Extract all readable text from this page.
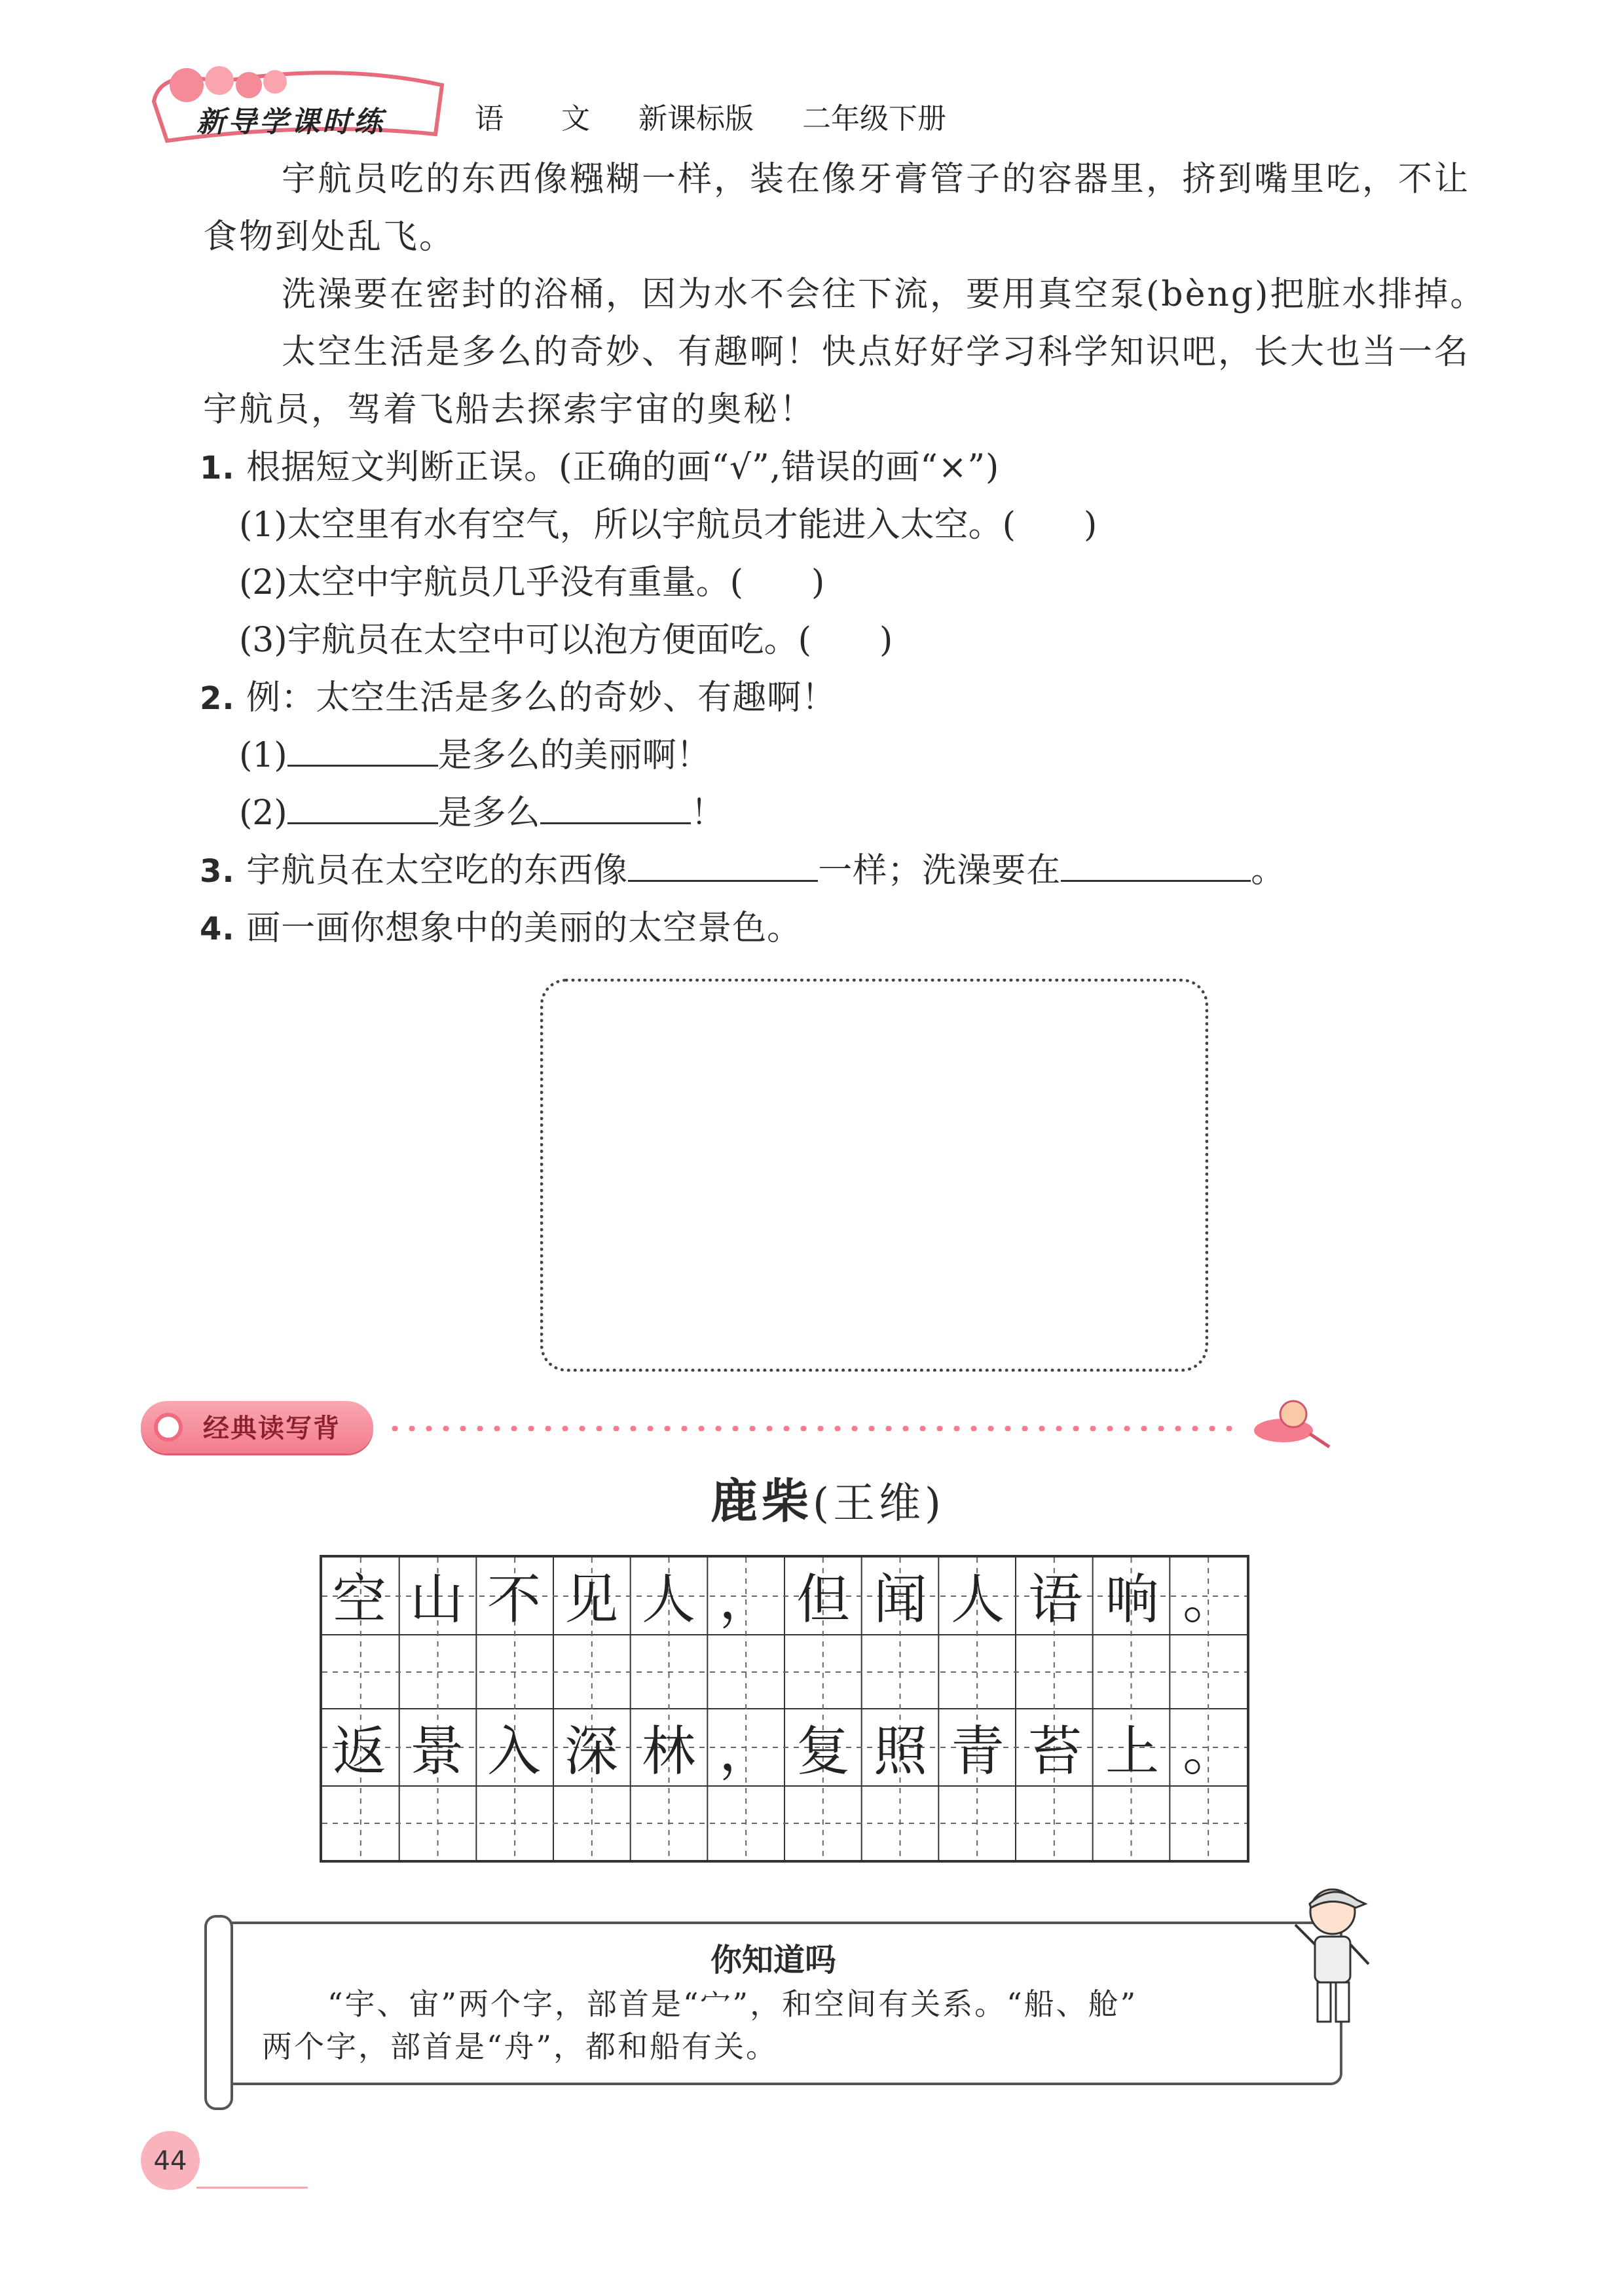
新导学课时练	语　　文 新课标版 二年级下册
宇航员吃的东西像糨糊一样，装在像牙膏管子的容器里，挤到嘴里吃，不让
食物到处乱飞。
洗澡要在密封的浴桶，因为水不会往下流，要用真空泵(bèng)把脏水排掉。
太空生活是多么的奇妙、有趣啊！快点好好学习科学知识吧，长大也当一名
宇航员，驾着飞船去探索宇宙的奥秘！
1. 根据短文判断正误。(正确的画“√”,错误的画“×”)
(1)太空里有水有空气，所以宇航员才能进入太空。(　　)
(2)太空中宇航员几乎没有重量。(　　)
(3)宇航员在太空中可以泡方便面吃。(　　)
2. 例：太空生活是多么的奇妙、有趣啊！
(1)	是多么的美丽啊！
(2)	是多么	！
3. 宇航员在太空吃的东西像	一样；洗澡要在	。
4. 画一画你想象中的美丽的太空景色。
经典读写背
鹿柴(王维)
空 山 不 见 人 ， 但 闻 人 语 响 。
返 景 入 深 林 ， 复 照 青 苔 上 。
你知道吗
“宇、宙”两个字，部首是“宀”，和空间有关系。“船、舱”
两个字，部首是“舟”，都和船有关。
44
